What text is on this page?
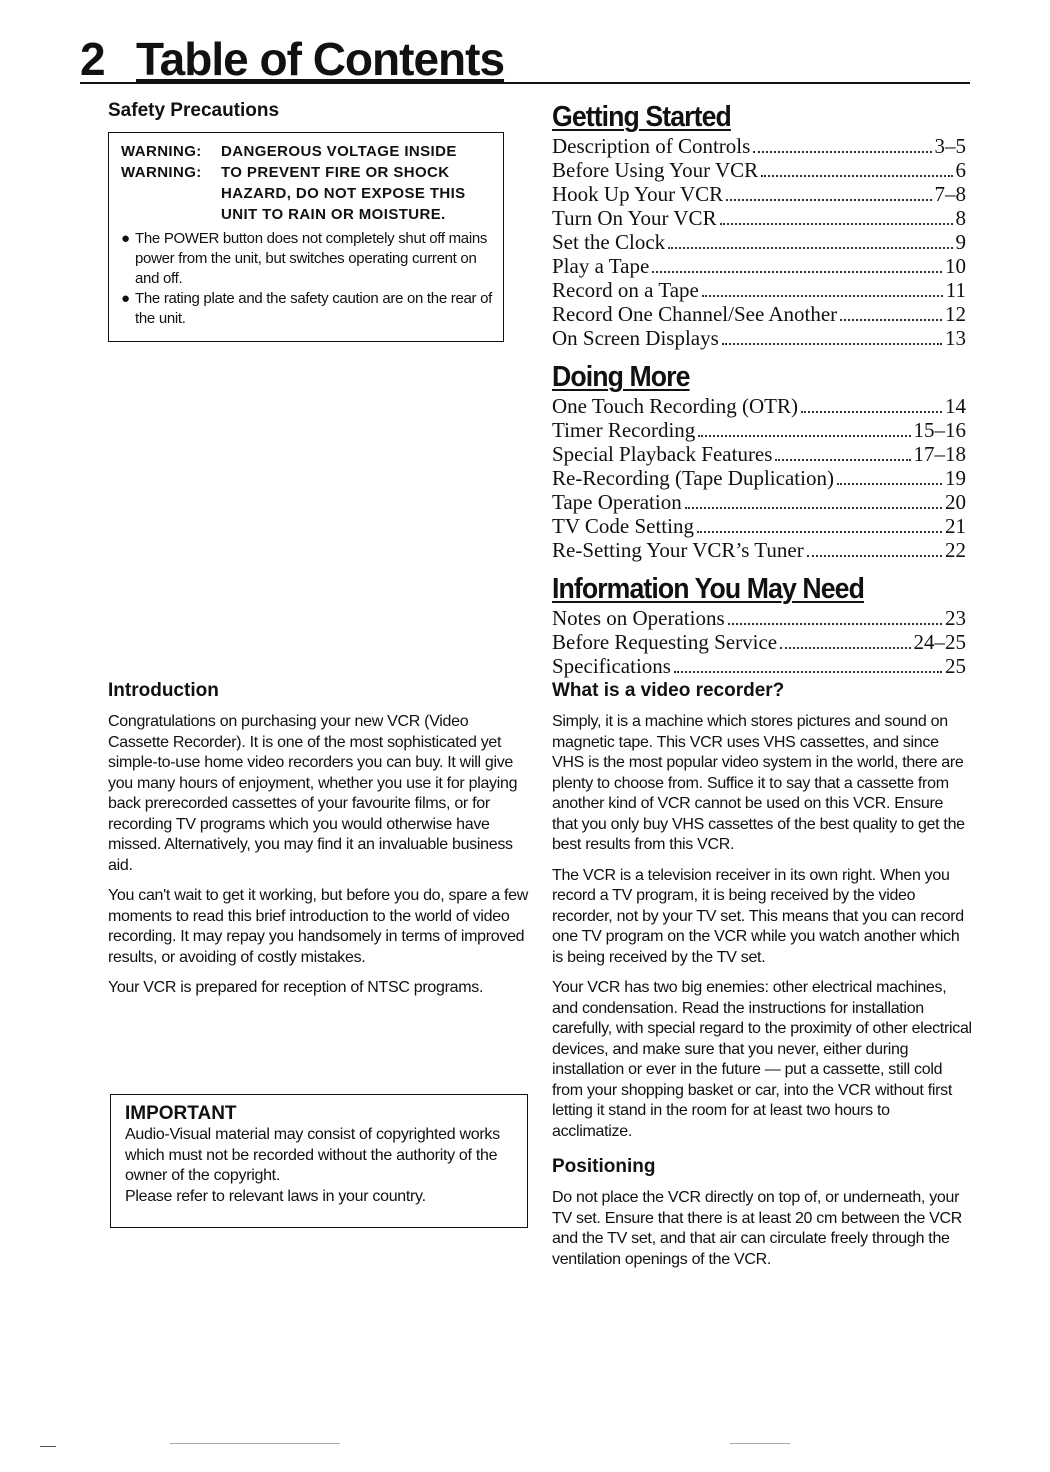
2 Table of Contents
Safety Precautions
WARNING:	DANGEROUS VOLTAGE INSIDE
WARNING:	TO PREVENT FIRE OR SHOCK HAZARD, DO NOT EXPOSE THIS UNIT TO RAIN OR MOISTURE.
● The POWER button does not completely shut off mains power from the unit, but switches operating current on and off.
● The rating plate and the safety caution are on the rear of the unit.
Getting Started
Description of Controls	3–5
Before Using Your VCR	6
Hook Up Your VCR	7–8
Turn On Your VCR	8
Set the Clock	9
Play a Tape	10
Record on a Tape	11
Record One Channel/See Another	12
On Screen Displays	13
Doing More
One Touch Recording (OTR)	14
Timer Recording	15–16
Special Playback Features	17–18
Re-Recording (Tape Duplication)	19
Tape Operation	20
TV Code Setting	21
Re-Setting Your VCR’s Tuner	22
Information You May Need
Notes on Operations	23
Before Requesting Service	24–25
Specifications	25
Introduction

Congratulations on purchasing your new VCR (Video Cassette Recorder). It is one of the most sophisticated yet simple-to-use home video recorders you can buy. It will give you many hours of enjoyment, whether you use it for playing back prerecorded cassettes of your favourite films, or for recording TV programs which you would otherwise have missed. Alternatively, you may find it an invaluable business aid.

You can't wait to get it working, but before you do, spare a few moments to read this brief introduction to the world of video recording. It may repay you handsomely in terms of improved results, or avoiding of costly mistakes.

Your VCR is prepared for reception of NTSC programs.

IMPORTANT
Audio-Visual material may consist of copyrighted works which must not be recorded without the authority of the owner of the copyright.
Please refer to relevant laws in your country.
What is a video recorder?

Simply, it is a machine which stores pictures and sound on magnetic tape. This VCR uses VHS cassettes, and since VHS is the most popular video system in the world, there are plenty to choose from. Suffice it to say that a cassette from another kind of VCR cannot be used on this VCR. Ensure that you only buy VHS cassettes of the best quality to get the best results from this VCR.

The VCR is a television receiver in its own right. When you record a TV program, it is being received by the video recorder, not by your TV set. This means that you can record one TV program on the VCR while you watch another which is being received by the TV set.

Your VCR has two big enemies: other electrical machines, and condensation. Read the instructions for installation carefully, with special regard to the proximity of other electrical devices, and make sure that you never, either during installation or ever in the future — put a cassette, still cold from your shopping basket or car, into the VCR without first letting it stand in the room for at least two hours to acclimatize.

Positioning

Do not place the VCR directly on top of, or underneath, your TV set. Ensure that there is at least 20 cm between the VCR and the TV set, and that air can circulate freely through the ventilation openings of the VCR.
